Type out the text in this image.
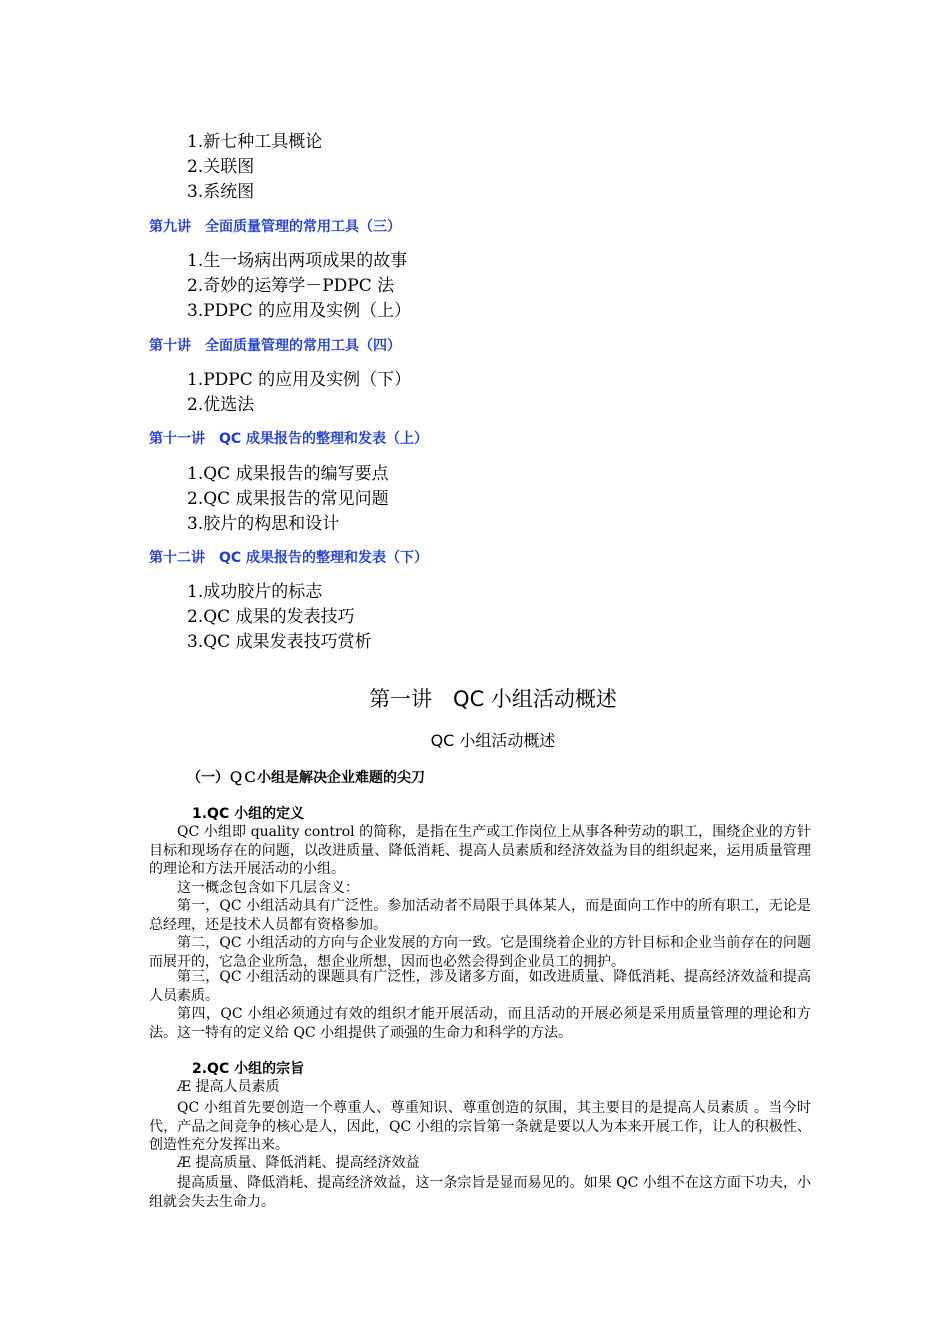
1.新七种工具概论
2.关联图
3.系统图
第九讲　全面质量管理的常用工具（三）
1.生一场病出两项成果的故事
2.奇妙的运筹学－PDPC 法
3.PDPC 的应用及实例（上）
第十讲　全面质量管理的常用工具（四）
1.PDPC 的应用及实例（下）
2.优选法
第十一讲　QC 成果报告的整理和发表（上）
1.QC 成果报告的编写要点
2.QC 成果报告的常见问题
3.胶片的构思和设计
第十二讲　QC 成果报告的整理和发表（下）
1.成功胶片的标志
2.QC 成果的发表技巧
3.QC 成果发表技巧赏析
第一讲　QC 小组活动概述
QC 小组活动概述
（一）ＱＣ小组是解决企业难题的尖刀
1.QC 小组的定义
QC 小组即 quality control 的简称，是指在生产或工作岗位上从事各种劳动的职工，围绕企业的方针目标和现场存在的问题，以改进质量、降低消耗、提高人员素质和经济效益为目的组织起来，运用质量管理的理论和方法开展活动的小组。
这一概念包含如下几层含义：
第一，QC 小组活动具有广泛性。参加活动者不局限于具体某人，而是面向工作中的所有职工，无论是总经理，还是技术人员都有资格参加。
第二，QC 小组活动的方向与企业发展的方向一致。它是围绕着企业的方针目标和企业当前存在的问题而展开的，它急企业所急，想企业所想，因而也必然会得到企业员工的拥护。
第三，QC 小组活动的课题具有广泛性，涉及诸多方面，如改进质量、降低消耗、提高经济效益和提高人员素质。
第四，QC 小组必须通过有效的组织才能开展活动，而且活动的开展必须是采用质量管理的理论和方法。这一特有的定义给 QC 小组提供了顽强的生命力和科学的方法。
2.QC 小组的宗旨
Æ 提高人员素质
QC 小组首先要创造一个尊重人、尊重知识、尊重创造的氛围，其主要目的是提高人员素质 。当今时代，产品之间竞争的核心是人，因此，QC 小组的宗旨第一条就是要以人为本来开展工作，让人的积极性、创造性充分发挥出来。
Æ 提高质量、降低消耗、提高经济效益
提高质量、降低消耗、提高经济效益，这一条宗旨是显而易见的。如果 QC 小组不在这方面下功夫，小组就会失去生命力。
